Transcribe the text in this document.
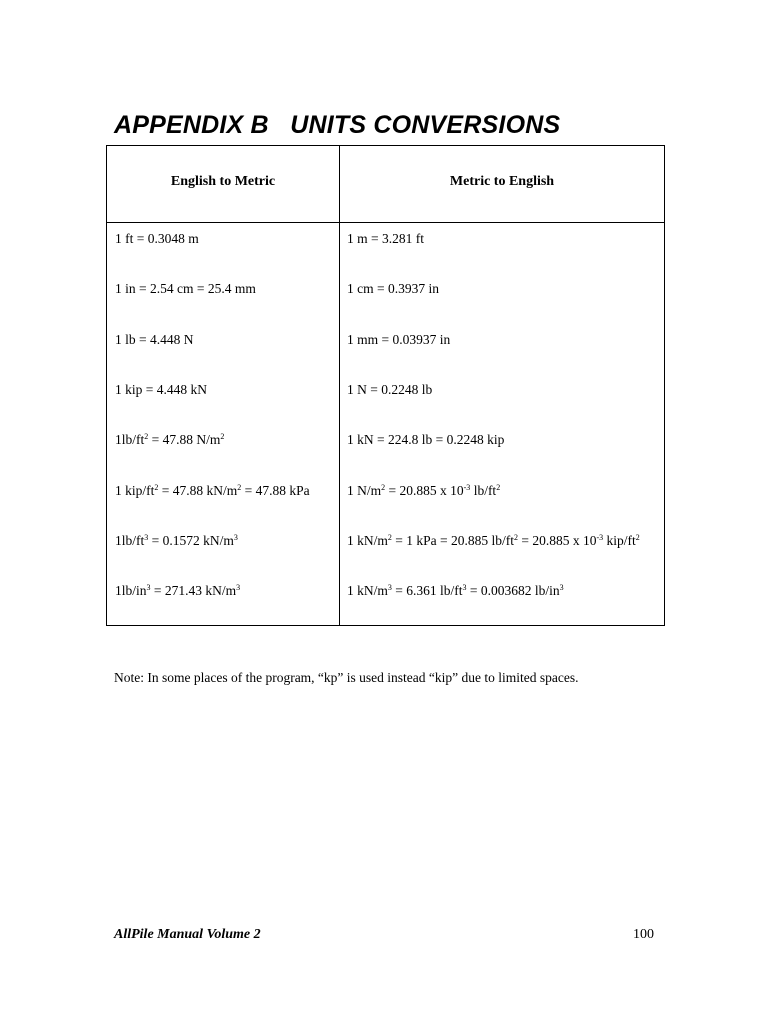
APPENDIX B   UNITS CONVERSIONS
English to Metric	Metric to English
1 ft = 0.3048 m	1 m = 3.281 ft
1 in = 2.54 cm = 25.4 mm	1 cm = 0.3937 in
1 lb = 4.448 N	1 mm = 0.03937 in
1 kip = 4.448 kN	1 N = 0.2248 lb
$1lb/ft^2 = 47.88$ $N/m^2$	1 kN = 224.8 lb = 0.2248 kip
1 kip/$ft^2 = 47.88$ $kN/m^2 = 47.88$ kPa	1 $N/m^2 = 20.885$ x $10^{-3}$ $lb/ft^2$
$1lb/ft^3 = 0.1572$ $kN/m^3$	1 $kN/m^2 = 1$ kPa = 20.885 $lb/ft^2 = 20.885$ x $10^{-3}$ kip/$ft^2$
$1lb/in^3 = 271.43$ $kN/m^3$	1 $kN/m^3 = 6.361$ $lb/ft^3 = 0.003682$ $lb/in^3$
Note: In some places of the program, “kp” is used instead “kip” due to limited spaces.
AllPile Manual Volume 2	100
